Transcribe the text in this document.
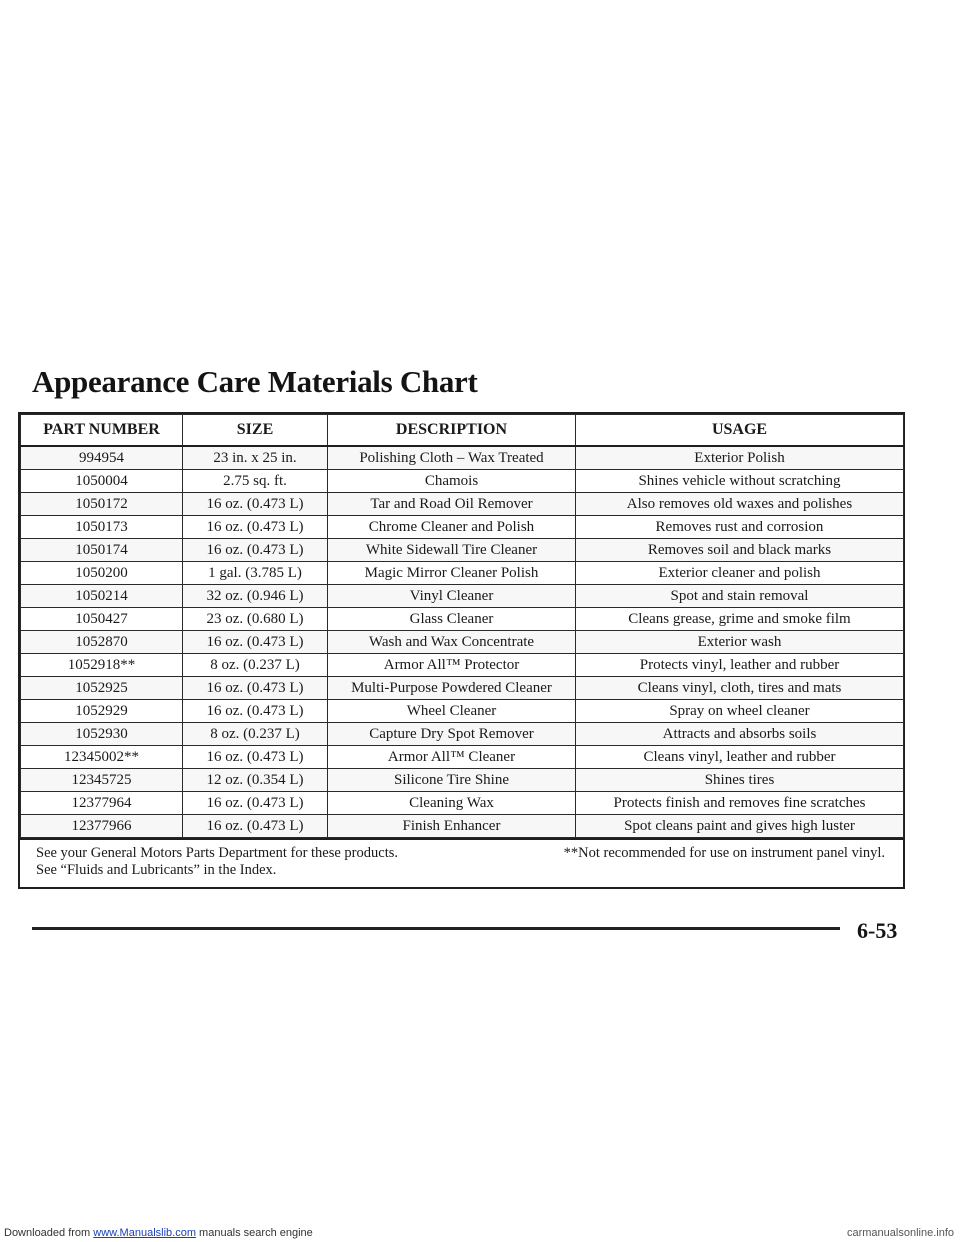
Appearance Care Materials Chart
PART NUMBER	SIZE	DESCRIPTION	USAGE
994954	23 in. x 25 in.	Polishing Cloth – Wax Treated	Exterior Polish
1050004	2.75 sq. ft.	Chamois	Shines vehicle without scratching
1050172	16 oz. (0.473 L)	Tar and Road Oil Remover	Also removes old waxes and polishes
1050173	16 oz. (0.473 L)	Chrome Cleaner and Polish	Removes rust and corrosion
1050174	16 oz. (0.473 L)	White Sidewall Tire Cleaner	Removes soil and black marks
1050200	1 gal. (3.785 L)	Magic Mirror Cleaner Polish	Exterior cleaner and polish
1050214	32 oz. (0.946 L)	Vinyl Cleaner	Spot and stain removal
1050427	23 oz. (0.680 L)	Glass Cleaner	Cleans grease, grime and smoke film
1052870	16 oz. (0.473 L)	Wash and Wax Concentrate	Exterior wash
1052918**	8 oz. (0.237 L)	Armor All™ Protector	Protects vinyl, leather and rubber
1052925	16 oz. (0.473 L)	Multi-Purpose Powdered Cleaner	Cleans vinyl, cloth, tires and mats
1052929	16 oz. (0.473 L)	Wheel Cleaner	Spray on wheel cleaner
1052930	8 oz. (0.237 L)	Capture Dry Spot Remover	Attracts and absorbs soils
12345002**	16 oz. (0.473 L)	Armor All™ Cleaner	Cleans vinyl, leather and rubber
12345725	12 oz. (0.354 L)	Silicone Tire Shine	Shines tires
12377964	16 oz. (0.473 L)	Cleaning Wax	Protects finish and removes fine scratches
12377966	16 oz. (0.473 L)	Finish Enhancer	Spot cleans paint and gives high luster
See your General Motors Parts Department for these products.
See “Fluids and Lubricants” in the Index.
**Not recommended for use on instrument panel vinyl.

6-53

Downloaded from www.Manualslib.com manuals search engine	carmanualsonline.info
